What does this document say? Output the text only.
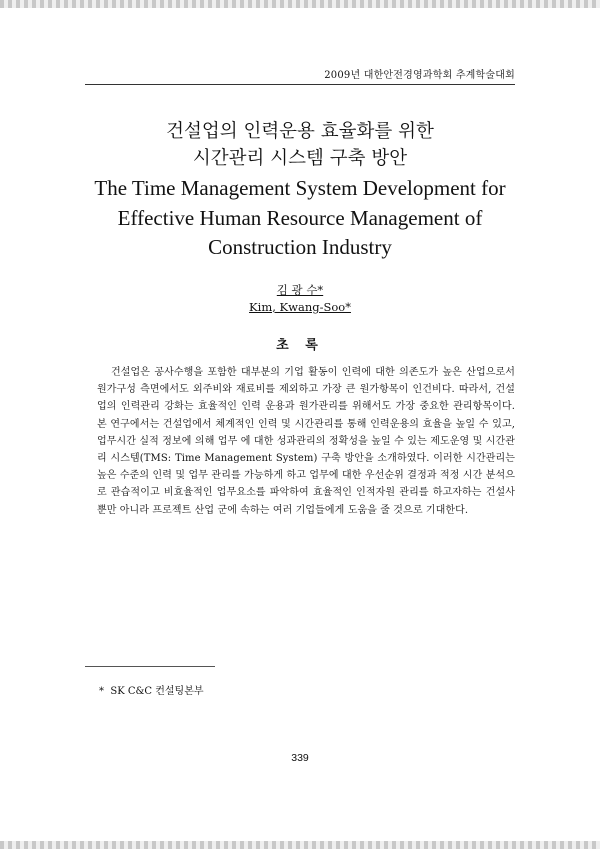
2009년 대한안전경영과학회 추계학술대회
건설업의 인력운용 효율화를 위한
시간관리 시스템 구축 방안
The Time Management System Development for
Effective Human Resource Management of
Construction Industry
김 광 수*
Kim, Kwang-Soo*
초 록

건설업은 공사수행을 포함한 대부분의 기업 활동이 인력에 대한 의존도가 높은 산업으로서 원가구성 측면에서도 외주비와 재료비를 제외하고 가장 큰 원가항목이 인건비다. 따라서, 건설업의 인력관리 강화는 효율적인 인력 운용과 원가관리를 위해서도 가장 중요한 관리항목이다. 본 연구에서는 건설업에서 체계적인 인력 및 시간관리를 통해 인력운용의 효율을 높일 수 있고, 업무시간 실적 정보에 의해 업무 에 대한 성과관리의 정확성을 높일 수 있는 제도운영 및 시간관리 시스템(TMS: Time Management System) 구축 방안을 소개하였다. 이러한 시간관리는 높은 수준의 인력 및 업무 관리를 가능하게 하고 업무에 대한 우선순위 결정과 적정 시간 분석으로 관습적이고 비효율적인 업무요소를 파악하여 효율적인 인적자원 관리를 하고자하는 건설사뿐만 아니라 프로젝트 산업 군에 속하는 여러 기업들에게 도움을 줄 것으로 기대한다.

* SK C&C 컨설팅본부
339
